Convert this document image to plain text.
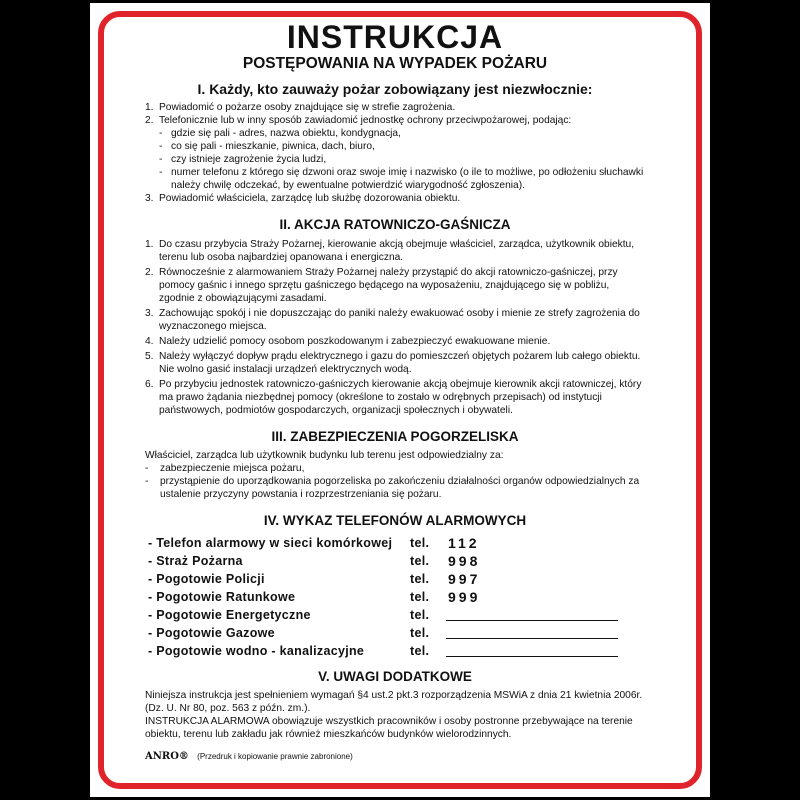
INSTRUKCJA
POSTĘPOWANIA NA WYPADEK POŻARU
I. Każdy, kto zauważy pożar zobowiązany jest niezwłocznie:
1. Powiadomić o pożarze osoby znajdujące się w strefie zagrożenia.
2. Telefonicznie lub w inny sposób zawiadomić jednostkę ochrony przeciwpożarowej, podając:
- gdzie się pali - adres, nazwa obiektu, kondygnacja,
- co się pali - mieszkanie, piwnica, dach, biuro,
- czy istnieje zagrożenie życia ludzi,
- numer telefonu z którego się dzwoni oraz swoje imię i nazwisko (o ile to możliwe, po odłożeniu słuchawki należy chwilę odczekać, by ewentualne potwierdzić wiarygodność zgłoszenia).
3. Powiadomić właściciela, zarządcę lub służbę dozorowania obiektu.
II. AKCJA RATOWNICZO-GAŚNICZA
1. Do czasu przybycia Straży Pożarnej, kierowanie akcją obejmuje właściciel, zarządca, użytkownik obiektu, terenu lub osoba najbardziej opanowana i energiczna.
2. Równocześnie z alarmowaniem Straży Pożarnej należy przystąpić do akcji ratowniczo-gaśniczej, przy pomocy gaśnic i innego sprzętu gaśniczego będącego na wyposażeniu, znajdującego się w pobliżu, zgodnie z obowiązującymi zasadami.
3. Zachowując spokój i nie dopuszczając do paniki należy ewakuować osoby i mienie ze strefy zagrożenia do wyznaczonego miejsca.
4. Należy udzielić pomocy osobom poszkodowanym i zabezpieczyć ewakuowane mienie.
5. Należy wyłączyć dopływ prądu elektrycznego i gazu do pomieszczeń objętych pożarem lub całego obiektu. Nie wolno gasić instalacji urządzeń elektrycznych wodą.
6. Po przybyciu jednostek ratowniczo-gaśniczych kierowanie akcją obejmuje kierownik akcji ratowniczej, który ma prawo żądania niezbędnej pomocy (określone to zostało w odrębnych przepisach) od instytucji państwowych, podmiotów gospodarczych, organizacji społecznych i obywateli.
III. ZABEZPIECZENIA POGORZELISKA
Właściciel, zarządca lub użytkownik budynku lub terenu jest odpowiedzialny za:
- zabezpieczenie miejsca pożaru,
- przystąpienie do uporządkowania pogorzeliska po zakończeniu działalności organów odpowiedzialnych za ustalenie przyczyny powstania i rozprzestrzeniania się pożaru.
IV. WYKAZ TELEFONÓW ALARMOWYCH
- Telefon alarmowy w sieci komórkowej tel. 112
- Straż Pożarna	tel. 998
- Pogotowie Policji	tel. 997
- Pogotowie Ratunkowe	tel. 999
- Pogotowie Energetyczne	tel.
- Pogotowie Gazowe	tel.
- Pogotowie wodno - kanalizacyjne	tel.
V. UWAGI DODATKOWE
Niniejsza instrukcja jest spełnieniem wymagań §4 ust.2 pkt.3 rozporządzenia MSWiA z dnia 21 kwietnia 2006r. (Dz. U. Nr 80, poz. 563 z późn. zm.).
INSTRUKCJA ALARMOWA obowiązuje wszystkich pracowników i osoby postronne przebywające na terenie obiektu, terenu lub zakładu jak również mieszkańców budynków wielorodzinnych.
ANRO® (Przedruk i kopiowanie prawnie zabronione)
